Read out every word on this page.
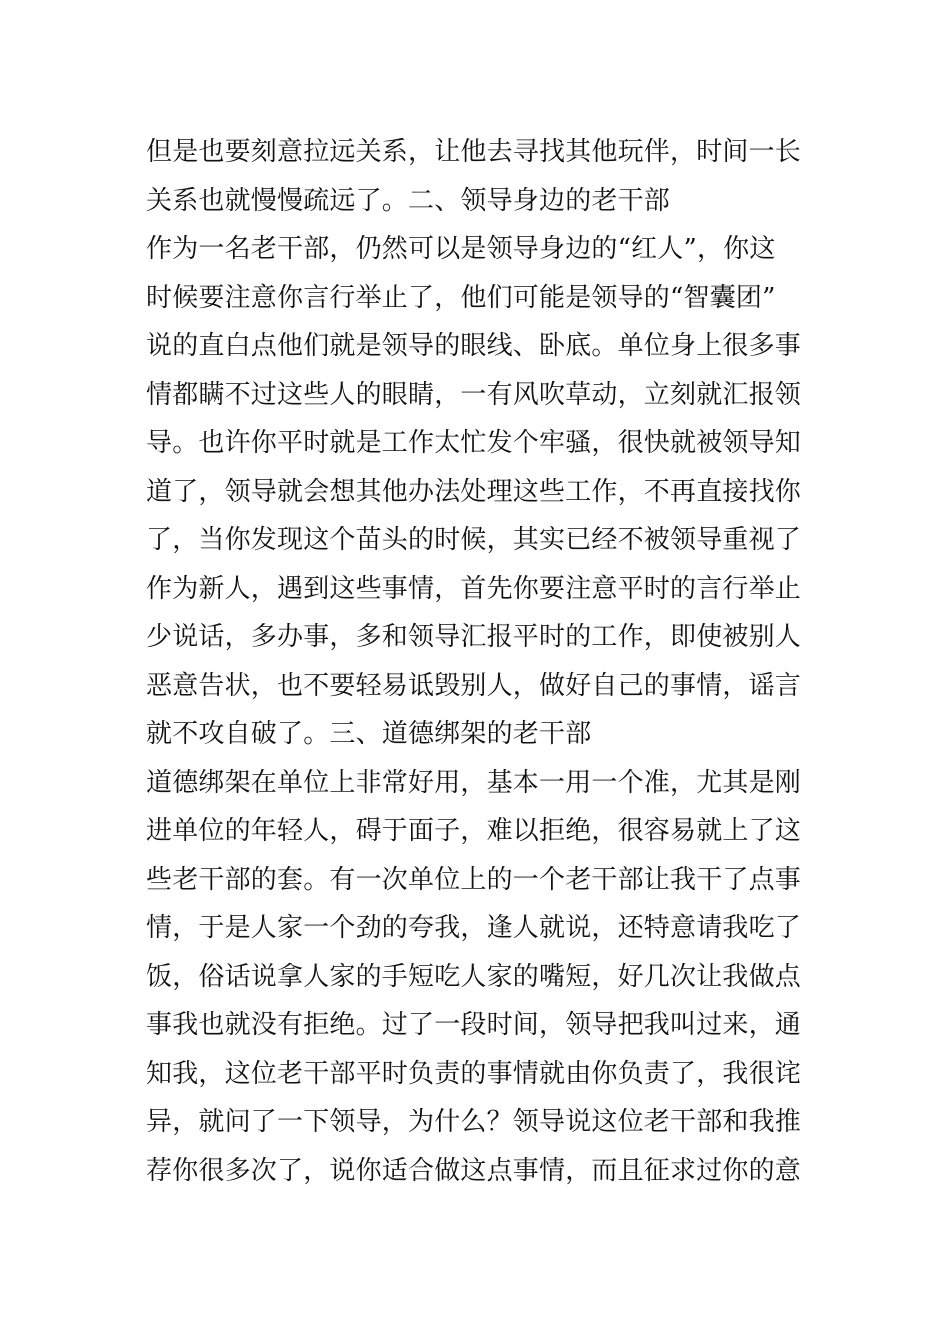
但是也要刻意拉远关系，让他去寻找其他玩伴，时间一长
关系也就慢慢疏远了。二、领导身边的老干部
作为一名老干部，仍然可以是领导身边的“红人”，你这
时候要注意你言行举止了，他们可能是领导的“智囊团”
说的直白点他们就是领导的眼线、卧底。单位身上很多事
情都瞒不过这些人的眼睛，一有风吹草动，立刻就汇报领
导。也许你平时就是工作太忙发个牢骚，很快就被领导知
道了，领导就会想其他办法处理这些工作，不再直接找你
了，当你发现这个苗头的时候，其实已经不被领导重视了
作为新人，遇到这些事情，首先你要注意平时的言行举止
少说话，多办事，多和领导汇报平时的工作，即使被别人
恶意告状，也不要轻易诋毁别人，做好自己的事情，谣言
就不攻自破了。三、道德绑架的老干部
道德绑架在单位上非常好用，基本一用一个准，尤其是刚
进单位的年轻人，碍于面子，难以拒绝，很容易就上了这
些老干部的套。有一次单位上的一个老干部让我干了点事
情，于是人家一个劲的夸我，逢人就说，还特意请我吃了
饭，俗话说拿人家的手短吃人家的嘴短，好几次让我做点
事我也就没有拒绝。过了一段时间，领导把我叫过来，通
知我，这位老干部平时负责的事情就由你负责了，我很诧
异，就问了一下领导，为什么？领导说这位老干部和我推
荐你很多次了，说你适合做这点事情，而且征求过你的意
